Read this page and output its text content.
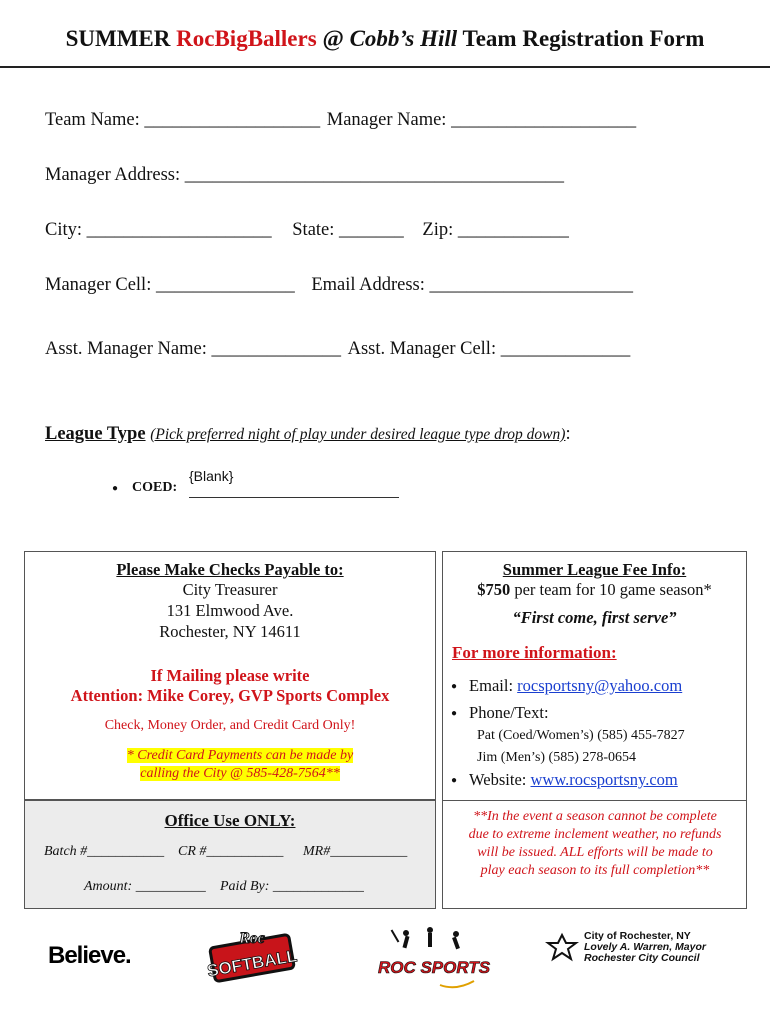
SUMMER RocBigBallers @ Cobb’s Hill Team Registration Form
Team Name: ___________________ Manager Name: ____________________
Manager Address: _________________________________________
City: ____________________ State: _______ Zip: ____________
Manager Cell: _______________ Email Address: ______________________
Asst. Manager Name: ______________ Asst. Manager Cell: ______________
League Type (Pick preferred night of play under desired league type drop down):
● COED:
{Blank}
Please Make Checks Payable to:
City Treasurer
131 Elmwood Ave.
Rochester, NY 14611
If Mailing please write
Attention: Mike Corey, GVP Sports Complex
Check, Money Order, and Credit Card Only!
* Credit Card Payments can be made by
calling the City @ 585-428-7564**
Office Use ONLY:
Batch #___________ CR #___________ MR#___________
Amount: __________ Paid By: _____________
Summer League Fee Info:
$750 per team for 10 game season*
“First come, first serve”
For more information:
● Email: rocsportsny@yahoo.com
● Phone/Text:
Pat (Coed/Women’s) (585) 455-7827
Jim (Men’s) (585) 278-0654
● Website: www.rocsportsny.com
**In the event a season cannot be complete
due to extreme inclement weather, no refunds
will be issued. ALL efforts will be made to
play each season to its full completion**
Believe.
Roc
SOFTBALL	ROC SPORTS
City of Rochester, NY
Lovely A. Warren, Mayor
Rochester City Council
